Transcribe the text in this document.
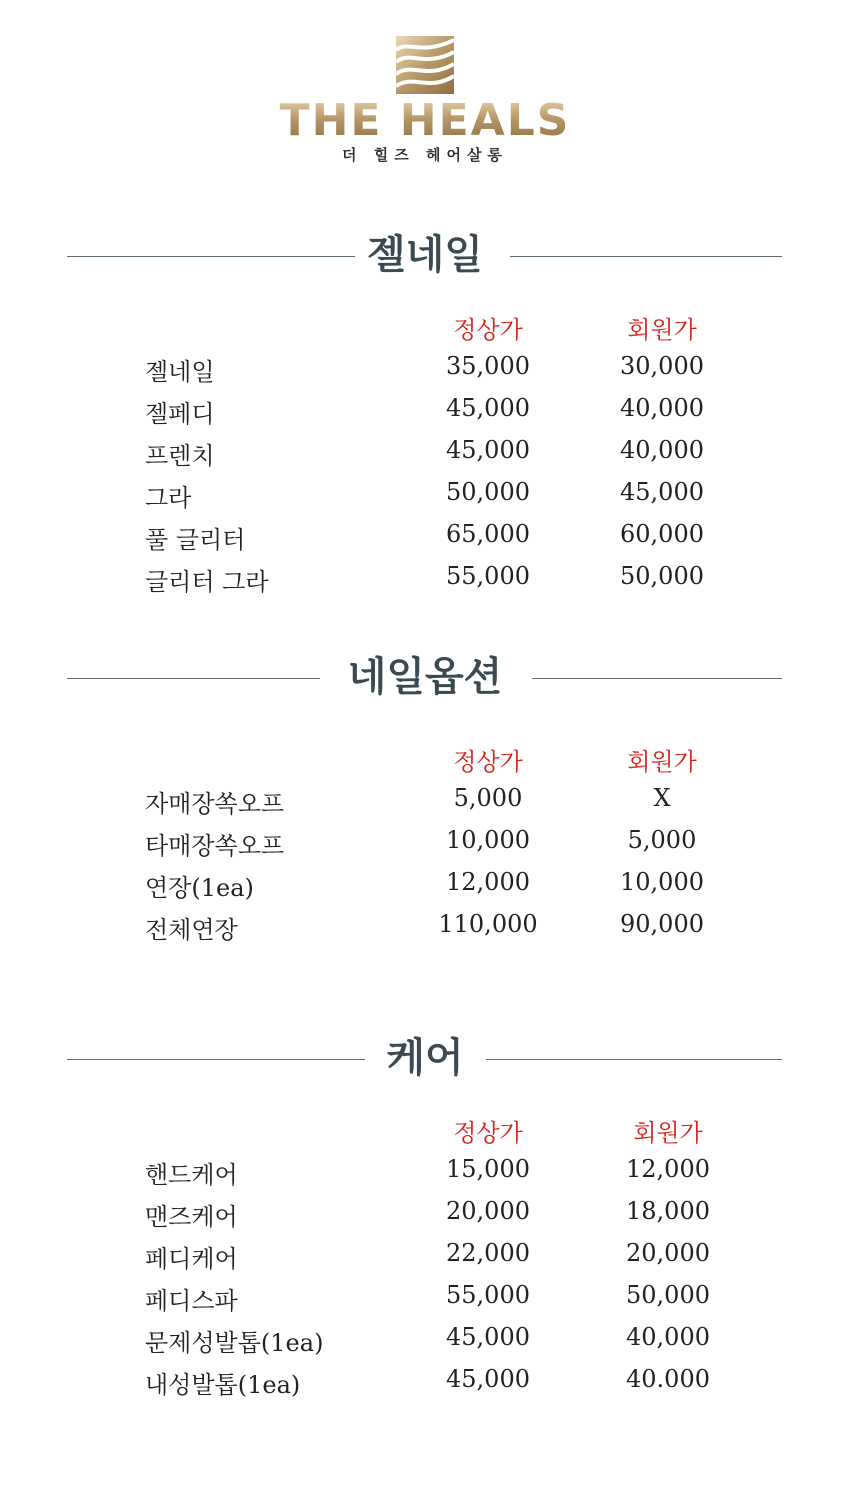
THE HEALS
더 힐즈 헤어살롱
젤네일
정상가	회원가
젤네일	35,000	30,000
젤페디	45,000	40,000
프렌치	45,000	40,000
그라	50,000	45,000
풀 글리터	65,000	60,000
글리터 그라	55,000	50,000
네일옵션
정상가	회원가
자매장쏙오프	5,000	X
타매장쏙오프	10,000	5,000
연장(1ea)	12,000	10,000
전체연장	110,000	90,000
케어
정상가	회원가
핸드케어	15,000	12,000
맨즈케어	20,000	18,000
페디케어	22,000	20,000
페디스파	55,000	50,000
문제성발톱(1ea)	45,000	40,000
내성발톱(1ea)	45,000	40.000
